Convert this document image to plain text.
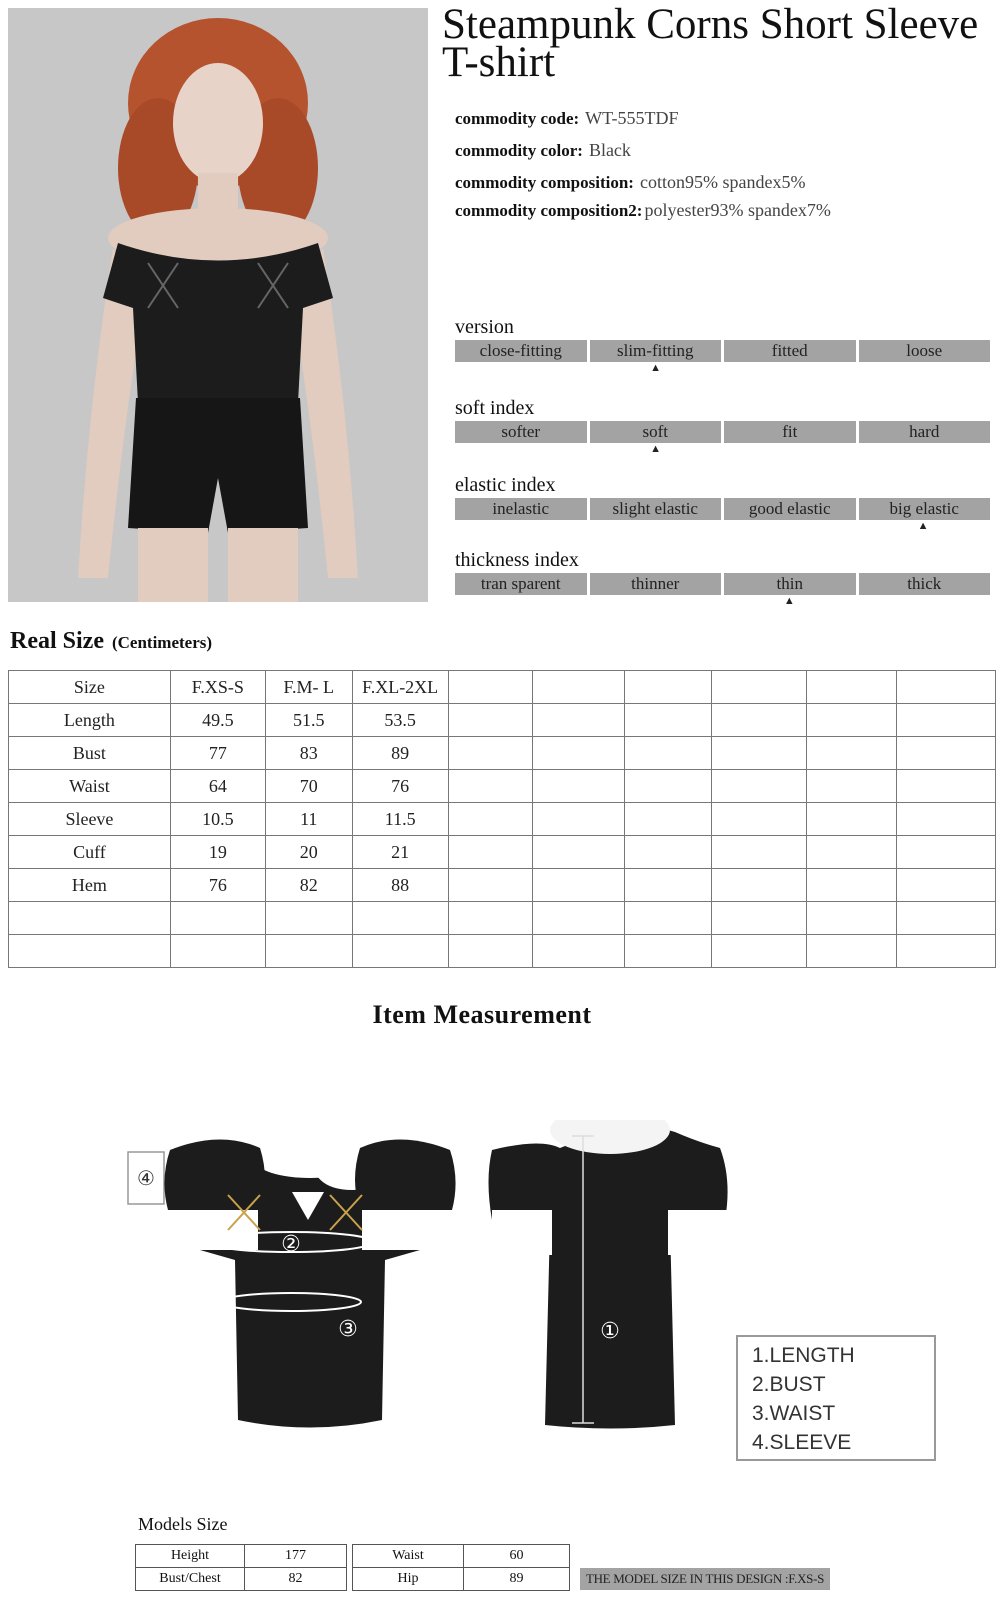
Steampunk Corns Short Sleeve T-shirt
commodity code: WT-555TDF
commodity color: Black
commodity composition: cotton95% spandex5%
commodity composition2: polyester93% spandex7%
version
close-fitting	slim-fitting	fitted	loose
▲
soft index
softer	soft	fit	hard
▲
elastic index
inelastic	slight elastic	good elastic	big elastic
▲
thickness index
tran sparent	thinner	thin	thick
▲
Real Size (Centimeters)
Size	F.XS-S	F.M- L	F.XL-2XL						
Length	49.5	51.5	53.5						
Bust	77	83	89						
Waist	64	70	76						
Sleeve	10.5	11	11.5						
Cuff	19	20	21						
Hem	76	82	88						

Item Measurement
④
②
③	①
1.LENGTH
2.BUST
3.WAIST
4.SLEEVE
Models Size
Height	177
Bust/Chest	82
Waist	60
Hip	89	THE MODEL SIZE IN THIS DESIGN :F.XS-S
